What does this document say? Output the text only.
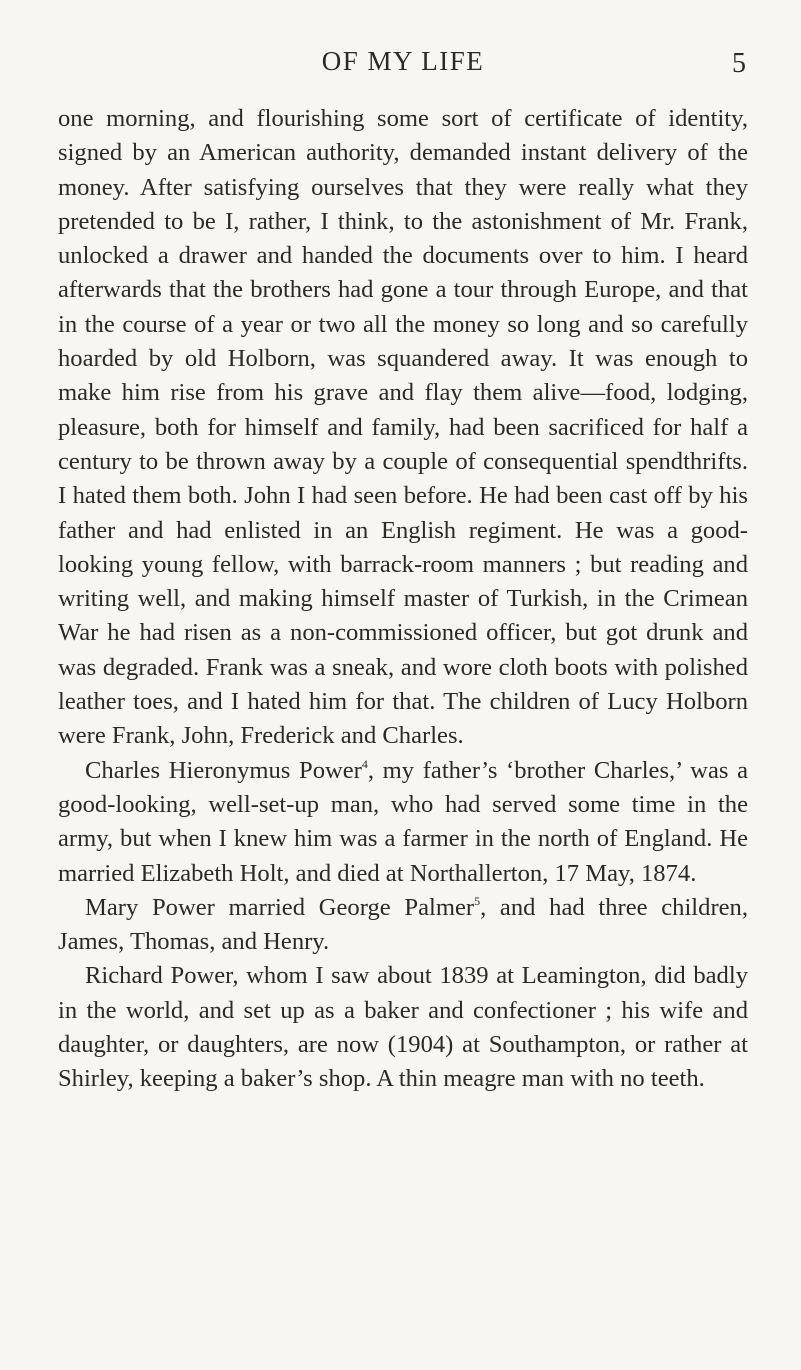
OF MY LIFE	5

one morning, and flourishing some sort of certificate of identity, signed by an American authority, demanded instant delivery of the money. After satisfying ourselves that they were really what they pretended to be I, rather, I think, to the astonishment of Mr. Frank, unlocked a drawer and handed the documents over to him. I heard afterwards that the brothers had gone a tour through Europe, and that in the course of a year or two all the money so long and so carefully hoarded by old Holborn, was squandered away. It was enough to make him rise from his grave and flay them alive—food, lodging, pleasure, both for himself and family, had been sacrificed for half a century to be thrown away by a couple of consequential spendthrifts. I hated them both. John I had seen before. He had been cast off by his father and had enlisted in an English regiment. He was a good-looking young fellow, with barrack-room manners ; but reading and writing well, and making himself master of Turkish, in the Crimean War he had risen as a non-commissioned officer, but got drunk and was degraded. Frank was a sneak, and wore cloth boots with polished leather toes, and I hated him for that. The children of Lucy Holborn were Frank, John, Frederick and Charles.

Charles Hieronymus Power$^4$, my father’s ‘brother Charles,’ was a good-looking, well-set-up man, who had served some time in the army, but when I knew him was a farmer in the north of England. He married Elizabeth Holt, and died at Northallerton, 17 May, 1874.

Mary Power married George Palmer$^5$, and had three children, James, Thomas, and Henry.

Richard Power, whom I saw about 1839 at Leamington, did badly in the world, and set up as a baker and confectioner ; his wife and daughter, or daughters, are now (1904) at Southampton, or rather at Shirley, keeping a baker’s shop. A thin meagre man with no teeth.
